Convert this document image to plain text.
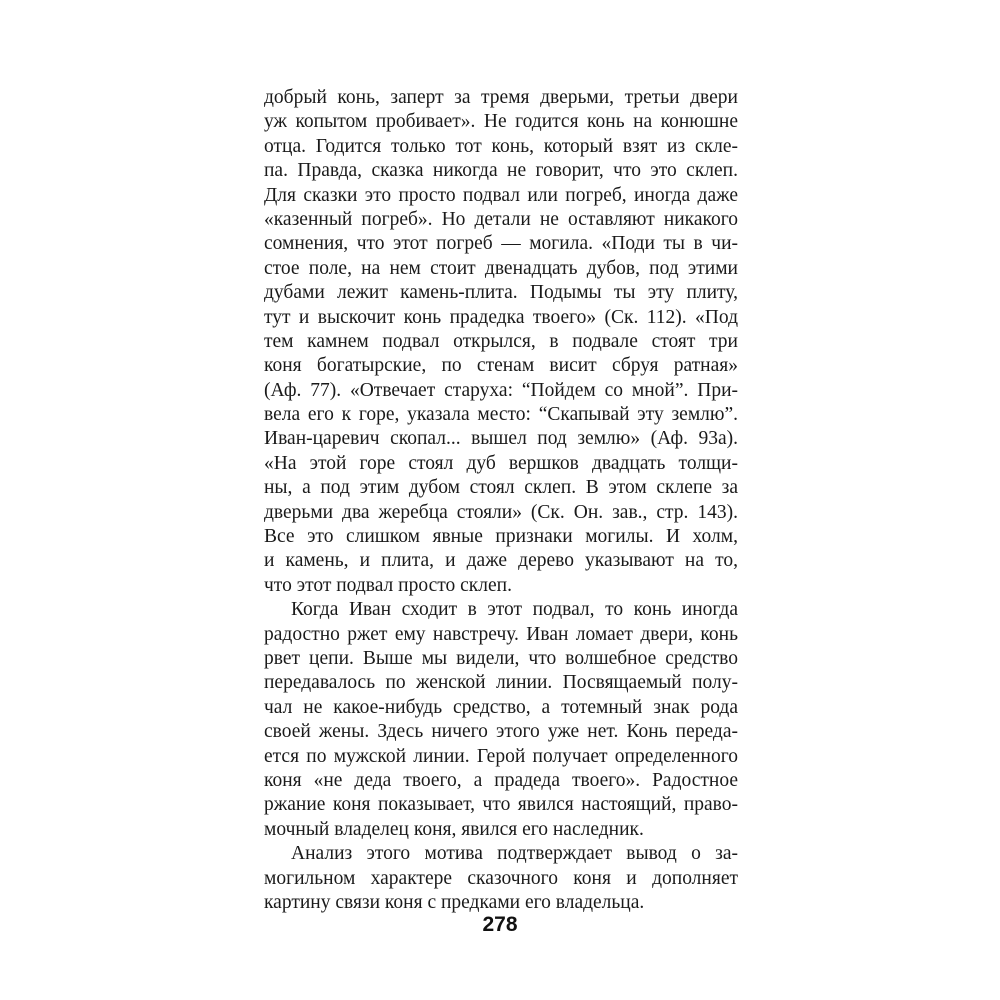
добрый конь, заперт за тремя дверьми, третьи двери
уж копытом пробивает». Не годится конь на конюшне
отца. Годится только тот конь, который взят из скле-
па. Правда, сказка никогда не говорит, что это склеп.
Для сказки это просто подвал или погреб, иногда даже
«казенный погреб». Но детали не оставляют никакого
сомнения, что этот погреб — могила. «Поди ты в чи-
стое поле, на нем стоит двенадцать дубов, под этими
дубами лежит камень-плита. Подымы ты эту плиту,
тут и выскочит конь прадедка твоего» (Ск. 112). «Под
тем камнем подвал открылся, в подвале стоят три
коня богатырские, по стенам висит сбруя ратная»
(Аф. 77). «Отвечает старуха: “Пойдем со мной”. При-
вела его к горе, указала место: “Скапывай эту землю”.
Иван-царевич скопал... вышел под землю» (Аф. 93а).
«На этой горе стоял дуб вершков двадцать толщи-
ны, а под этим дубом стоял склеп. В этом склепе за
дверьми два жеребца стояли» (Ск. Он. зав., стр. 143).
Все это слишком явные признаки могилы. И холм,
и камень, и плита, и даже дерево указывают на то,
что этот подвал просто склеп.
Когда Иван сходит в этот подвал, то конь иногда
радостно ржет ему навстречу. Иван ломает двери, конь
рвет цепи. Выше мы видели, что волшебное средство
передавалось по женской линии. Посвящаемый полу-
чал не какое-нибудь средство, а тотемный знак рода
своей жены. Здесь ничего этого уже нет. Конь переда-
ется по мужской линии. Герой получает определенного
коня «не деда твоего, а прадеда твоего». Радостное
ржание коня показывает, что явился настоящий, право-
мочный владелец коня, явился его наследник.
Анализ этого мотива подтверждает вывод о за-
могильном характере сказочного коня и дополняет
картину связи коня с предками его владельца.
278
